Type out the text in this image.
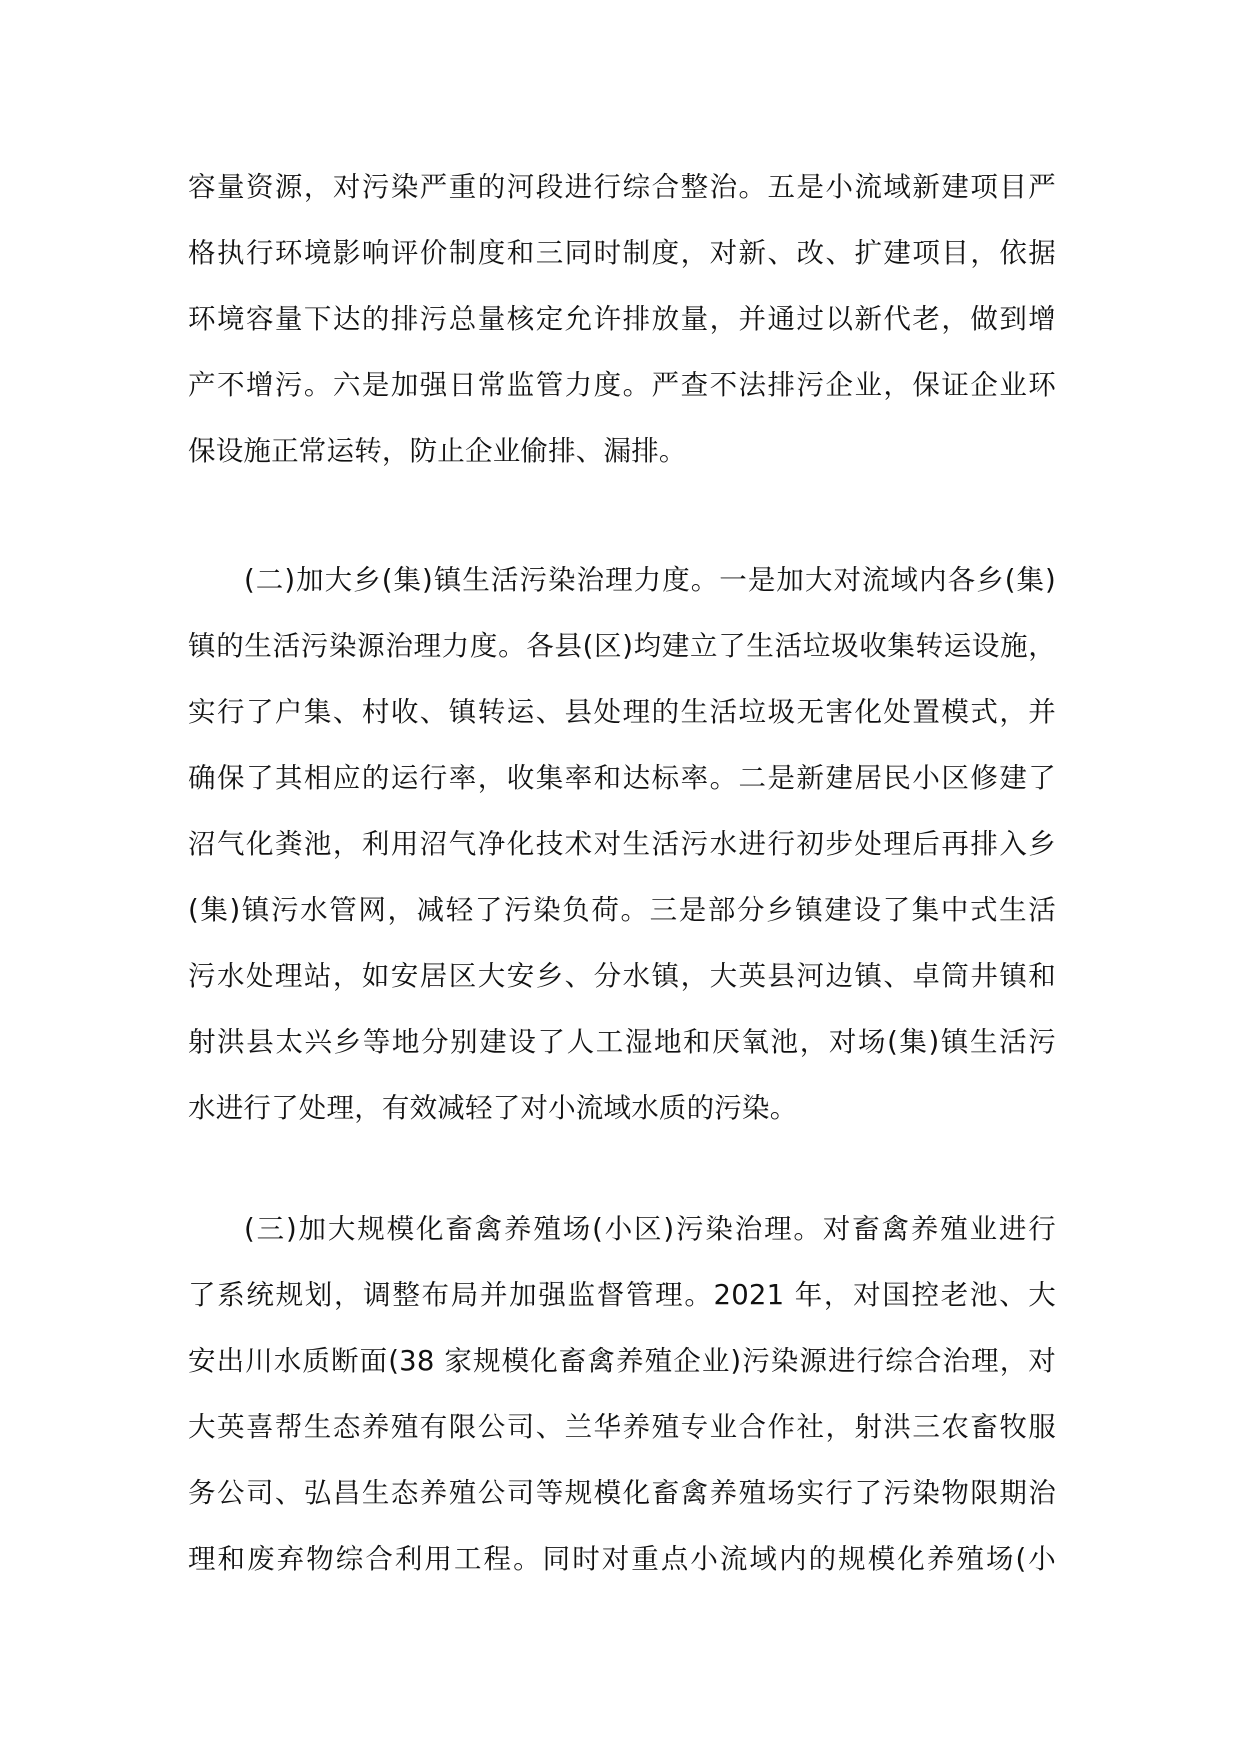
容量资源，对污染严重的河段进行综合整治。五是小流域新建项目严
格执行环境影响评价制度和三同时制度，对新、改、扩建项目，依据
环境容量下达的排污总量核定允许排放量，并通过以新代老，做到增
产不增污。六是加强日常监管力度。严查不法排污企业，保证企业环
保设施正常运转，防止企业偷排、漏排。
(二)加大乡(集)镇生活污染治理力度。一是加大对流域内各乡(集)
镇的生活污染源治理力度。各县(区)均建立了生活垃圾收集转运设施，
实行了户集、村收、镇转运、县处理的生活垃圾无害化处置模式，并
确保了其相应的运行率，收集率和达标率。二是新建居民小区修建了
沼气化粪池，利用沼气净化技术对生活污水进行初步处理后再排入乡
(集)镇污水管网，减轻了污染负荷。三是部分乡镇建设了集中式生活
污水处理站，如安居区大安乡、分水镇，大英县河边镇、卓筒井镇和
射洪县太兴乡等地分别建设了人工湿地和厌氧池，对场(集)镇生活污
水进行了处理，有效减轻了对小流域水质的污染。
(三)加大规模化畜禽养殖场(小区)污染治理。对畜禽养殖业进行
了系统规划，调整布局并加强监督管理。2021 年，对国控老池、大
安出川水质断面(38 家规模化畜禽养殖企业)污染源进行综合治理，对
大英喜帮生态养殖有限公司、兰华养殖专业合作社，射洪三农畜牧服
务公司、弘昌生态养殖公司等规模化畜禽养殖场实行了污染物限期治
理和废弃物综合利用工程。同时对重点小流域内的规模化养殖场(小
